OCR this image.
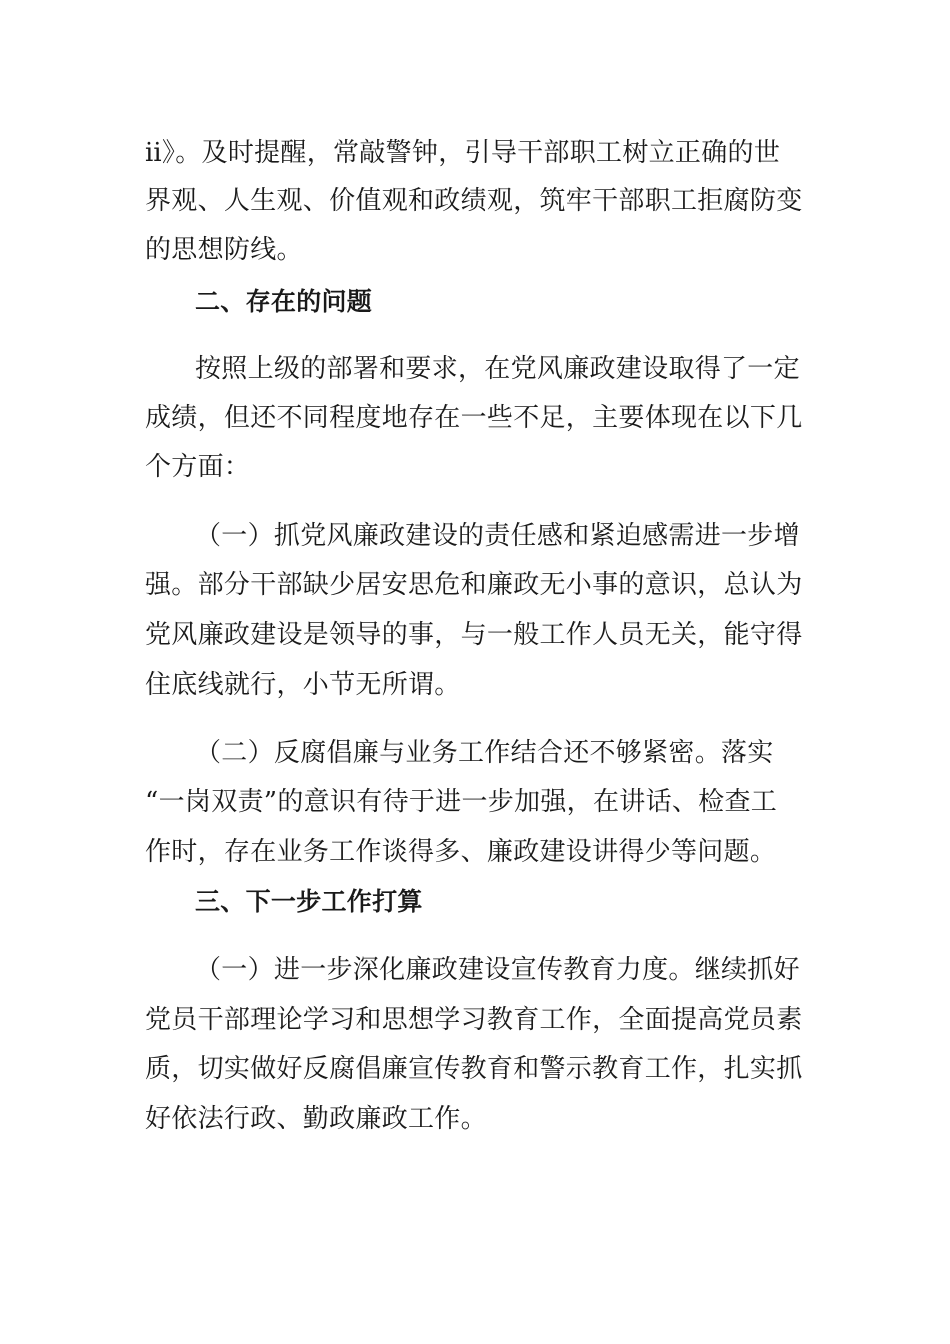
ⅱ》。及时提醒，常敲警钟，引导干部职工树立正确的世
界观、人生观、价值观和政绩观，筑牢干部职工拒腐防变
的思想防线。
二、存在的问题
按照上级的部署和要求，在党风廉政建设取得了一定
成绩，但还不同程度地存在一些不足，主要体现在以下几
个方面：
（一）抓党风廉政建设的责任感和紧迫感需进一步增
强。部分干部缺少居安思危和廉政无小事的意识，总认为
党风廉政建设是领导的事，与一般工作人员无关，能守得
住底线就行，小节无所谓。
（二）反腐倡廉与业务工作结合还不够紧密。落实
“一岗双责”的意识有待于进一步加强，在讲话、检查工
作时，存在业务工作谈得多、廉政建设讲得少等问题。
三、下一步工作打算
（一）进一步深化廉政建设宣传教育力度。继续抓好
党员干部理论学习和思想学习教育工作，全面提高党员素
质，切实做好反腐倡廉宣传教育和警示教育工作，扎实抓
好依法行政、勤政廉政工作。
